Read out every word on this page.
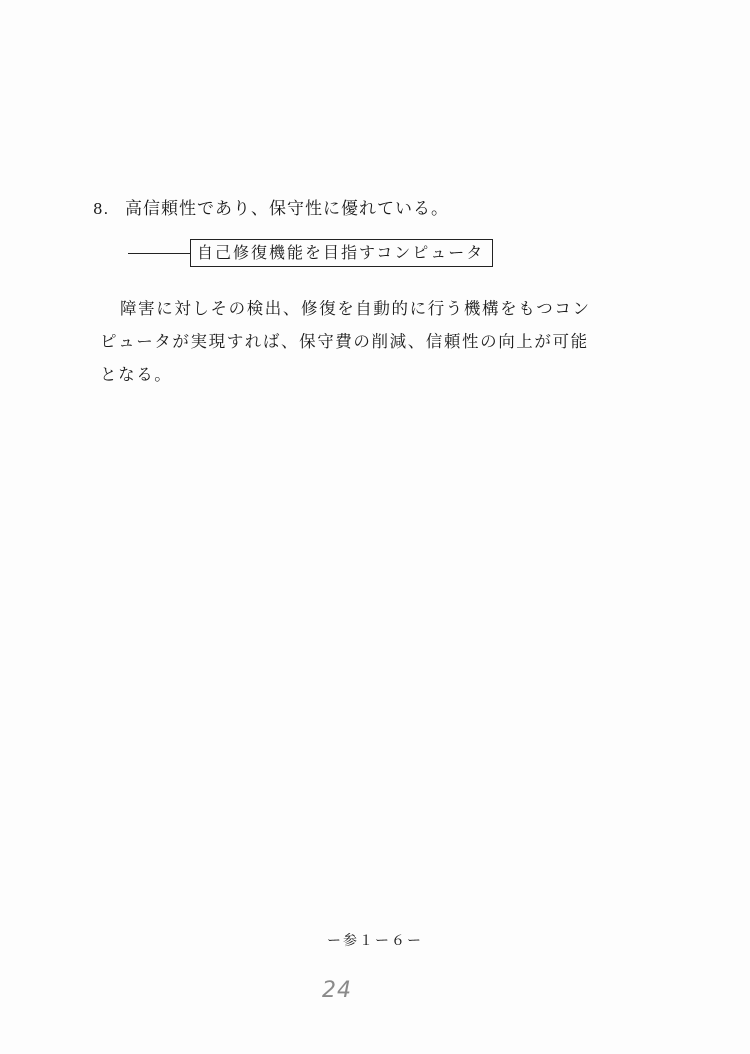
8. 高信頼性であり、保守性に優れている。
自己修復機能を目指すコンピュータ
障害に対しその検出、修復を自動的に行う機構をもつコン
ピュータが実現すれば、保守費の削減、信頼性の向上が可能
となる。
ー参１ー６ー
24
